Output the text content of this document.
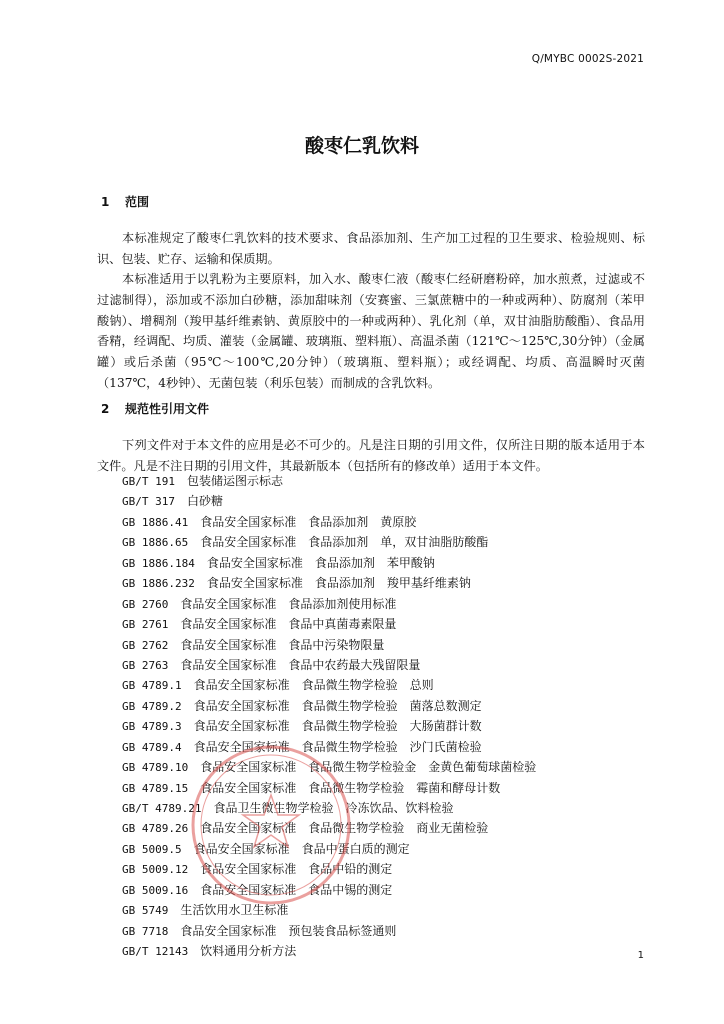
Q/MYBC 0002S-2021
酸枣仁乳饮料
1 范围

本标准规定了酸枣仁乳饮料的技术要求、食品添加剂、生产加工过程的卫生要求、检验规则、标识、包装、贮存、运输和保质期。

本标准适用于以乳粉为主要原料，加入水、酸枣仁液（酸枣仁经研磨粉碎，加水煎煮，过滤或不过滤制得），添加或不添加白砂糖，添加甜味剂（安赛蜜、三氯蔗糖中的一种或两种）、防腐剂（苯甲酸钠）、增稠剂（羧甲基纤维素钠、黄原胶中的一种或两种）、乳化剂（单，双甘油脂肪酸酯）、食品用香精，经调配、均质、灌装（金属罐、玻璃瓶、塑料瓶）、高温杀菌（121℃～125℃,30分钟）（金属罐）或后杀菌（95℃～100℃,20分钟）（玻璃瓶、塑料瓶）；或经调配、均质、高温瞬时灭菌（137℃，4秒钟）、无菌包装（利乐包装）而制成的含乳饮料。

2 规范性引用文件

下列文件对于本文件的应用是必不可少的。凡是注日期的引用文件，仅所注日期的版本适用于本文件。凡是不注日期的引用文件，其最新版本（包括所有的修改单）适用于本文件。

GB/T 191 包装储运图示标志
GB/T 317 白砂糖
GB 1886.41 食品安全国家标准　食品添加剂　黄原胶
GB 1886.65 食品安全国家标准　食品添加剂　单，双甘油脂肪酸酯
GB 1886.184 食品安全国家标准　食品添加剂　苯甲酸钠
GB 1886.232 食品安全国家标准　食品添加剂　羧甲基纤维素钠
GB 2760 食品安全国家标准　食品添加剂使用标准
GB 2761 食品安全国家标准　食品中真菌毒素限量
GB 2762 食品安全国家标准　食品中污染物限量
GB 2763 食品安全国家标准　食品中农药最大残留限量
GB 4789.1 食品安全国家标准　食品微生物学检验　总则
GB 4789.2 食品安全国家标准　食品微生物学检验　菌落总数测定
GB 4789.3 食品安全国家标准　食品微生物学检验　大肠菌群计数
GB 4789.4 食品安全国家标准　食品微生物学检验　沙门氏菌检验
GB 4789.10 食品安全国家标准　食品微生物学检验金　金黄色葡萄球菌检验
GB 4789.15 食品安全国家标准　食品微生物学检验　霉菌和酵母计数
GB/T 4789.21 食品卫生微生物学检验　冷冻饮品、饮料检验
GB 4789.26 食品安全国家标准　食品微生物学检验　商业无菌检验
GB 5009.5 食品安全国家标准　食品中蛋白质的测定
GB 5009.12 食品安全国家标准　食品中铅的测定
GB 5009.16 食品安全国家标准　食品中锡的测定
GB 5749 生活饮用水卫生标准
GB 7718 食品安全国家标准　预包装食品标签通则
GB/T 12143 饮料通用分析方法	1
